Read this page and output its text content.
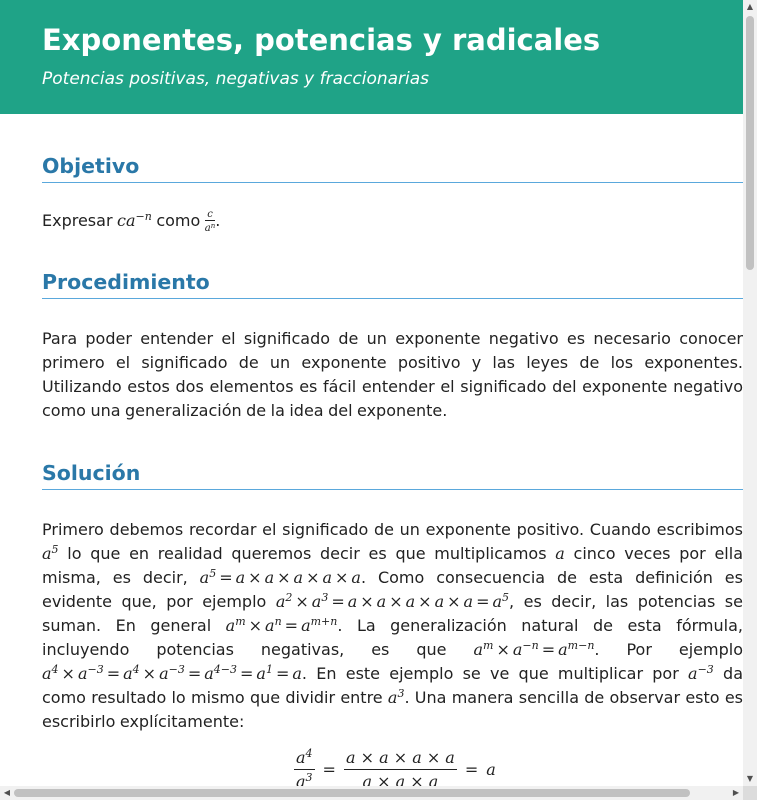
Exponentes, potencias y radicales
Potencias positivas, negativas y fraccionarias
Objetivo

Expresar $ca^{-n}$ como $\frac{c}{a^n}$ .

Procedimiento

Para poder entender el significado de un exponente negativo es necesario conocer primero el significado de un exponente positivo y las leyes de los exponentes. Utilizando estos dos elementos es fácil entender el significado del exponente negativo como una generalización de la idea del exponente.

Solución

Primero debemos recordar el significado de un exponente positivo. Cuando escribimos $a^5$ lo que en realidad queremos decir es que multiplicamos a cinco veces por ella misma, es decir, $a^5 = a \times a \times a \times a \times a$. Como consecuencia de esta definición es evidente que, por ejemplo $a^2 \times a^3 = a \times a \times a \times a \times a = a^5$, es decir, las potencias se suman. En general $a^m \times a^n = a^{m+n}$. La generalización natural de esta fórmula, incluyendo potencias negativas, es que $a^m \times a^{-n} = a^{m-n}$. Por ejemplo $a^4 \times a^{-3} = a^4 \times a^{-3} = a^{4-3} = a^1 = a$. En este ejemplo se ve que multiplicar por $a^{-3}$ da como resultado lo mismo que dividir entre $a^3$. Una manera sencilla de observar esto es escribirlo explícitamente:

$\frac{a^4}{a^3} = \frac{a \times a \times a \times a}{a \times a \times a} = a$
▲
▼
◀	▶
